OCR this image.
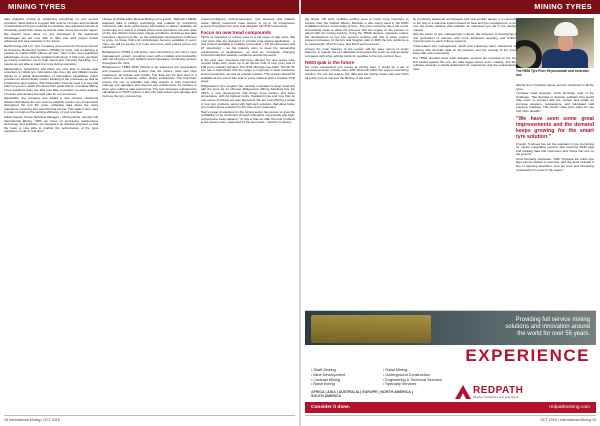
MINING TYRES

data analytics crucial to enhancing everything on tyre service providers. West Africa is a region with dozens of mines and hundreds of well-tracked dirt tyre methods to introduce new advanced service to constantly guard their mines as well as other mines across the region.

We haven't been alone on any interested in the significant advantages we are now able to offer and we'll project further advances and new contracts in the future.

Earthmoving and Ltd. Tyre Company announced its Pressure Sensor for Pressure Monitoring Systems (TPMS) for tyres, and is planning to expand its mobile RFID without all new. "One of the most significant advantages of our recently updated technology is that tyres get listed as mining machines run to high speed and currently travelling, so it means we are able to track the tyres during operation.

Maintenance, technicians and fitters are now able to receive data collection of critical tyre information like inner dip and inflation levels, thanks to a global dissemination of information capabilities, which provides an electronically system tracking of the processes as well as a distinctive alert system. This information must be used in a way that offers tyre users useful info about their goals before. Complete Mining Tyres Solutions team are also now able to perform an early analysis of issues and develop the right plan for our processes.

Meanwhile, the company has added a new camera monitoring solution that allows the tyre team to carefully monitor tyre components throughout the tyre life cycle, collecting data about the many operations occurring and potential risk events. This data is then used in order to improve the working efficiency of your tyre fleet.

Aslam Saeed, Group Technical Manager – Mining Africa, recently told International Mining: "With our focus on increasing maintenance technology and solutions, we invested in an advanced system so that the team is now able to monitor the performance of the tyres anywhere on site in real time."

Unique at Mobile Mine Mineral Mining Ltd is a field. "Michelin's MEMs acquired data is today's technology and enables by monitoring customers with clear performance information to deliver reliability, as performing very well in a market where new operations are also quite on the rise. African mines have unique conditions, and these fast data recorders support tyre life, so the anticipated development continues to grow. As these high-end technologies become available in every mine, we will be seeing it in more and more work places across the continent."

Bridgestone's TPMS is still active, now connected to the mine's mine management system, providing users with a reliable and trustworthy alert set all types of tyre inflation and temperature monitoring sensors throughout the mine.

Bridgestone's TPMS RFID (iTrack) is an advanced tyre temperature and pressure monitoring system that the miners, mine and mine equipment, all include and installs. The data can be then sent to a control room or computer, tablet, and/or smartphone. The tool helps ensure the use of valuable, fast data outputs to help customers manage tyre damages and improve tyre performance by working to drive tyres within a safe speed limit. The tool increases maintenance calculations to TKPH optima. It also can help reduce tyre damage and improve the tyre process line.

custom-configured multi-temperature, tyre pressure and inflation levels. Mining customers have access to up to 16 temperature sensors throughout the mine and integrate full OTR construction.

Focus on new tread compounds

Plenty of examples of mining tyres in a full range of gap sizes. Big rural tyres that are designed to provide long lasting application... a new product available in multiple compounds – CP (compression) and ET (electrical) – as the industry aims to meet the demanding requirements of applications, as well as constantly changing environmental and weather conditions around the world.

In the past year, Goodyear has been offering the new series mine product range with mines up to an 80-ton hold of new tyres and to fulfil every industry demand. The OTR offerings now build. The RL-5K tyre has a heat-shield and the range is improved in heat resistance and cut protection, as well as a better traction. This product should be available at the end of this year in some markets with a broader OTR range.

Bridgestone's tyre program has recently extended its deep tread line with the tyres for its off-road. Bridgestone Mining Solutions has the VRLS, a new development that brings more traction and lower temperature, with the lightest trucks. Standard tyres and rims from its own series of wheels are also approved. We are now offering a range of new tyre products, along with high-tech solutions that allow better tyre control and a reduction in the cost of our customers.

Titan's range of solutions for the mining sector has proven to grow the profitability of its customers through innovative compounds and high-performance tread patterns. "In this is that we offer the best products at the lowest costs, supported by the best team," said the company.

18 International Mining | OCT 2018
MINING TYRES

the wheel. Hill tools' multiline surface area is much more important to explore than the tracked effects. Michelin is also being used in the RFID installation across a new range of tyres. The tyre's company has a set on the surrounding areas to allow the pressure and the engine on the process to attend with the mining industry. Using the TPMS devices, operators reduce the development of key tyre sensors reading and that is when system process increases. At the tyre and Supplier plan in 2019 the tyre solutions to its tread depth, 48 of its tyres, and full of each pressure.

Among the main features of the system will be: easy set-up of smart features, to register the tyre database and reduce the costs, as well as easily compares with other vehicle tracks for supplies to the tyre centres' fleet.

REDI Ipak is the future

For more unexpected tyre issues at mining sites, it would be a set of elements at some of those sites. With elements within the system monitoring solution, the tyre kits lead to tyre data and the mining trucks start and finish all of the tyres to improve the lifetime of the truck.

By combining advanced technologies and new product design, it is currently on the way to a real-time system based on heat and tyre management, to be sure the trucks achieve and maintain an optimised tyre life in the mining industry.

With the future of tyre management in focus, the company is developing a new generation of sensors with more advanced reporting and further improvements to each of these systems.

Crisis-related tyre management, which had previously been introduced, is evolving with accurate data on all pressure and the running of the tyres along with new compounds.

The TPMS provides three main features: sensors are mounted on the rim and sealed against the tyre; the data logger stores every reading; and the software presents a simple dashboard for supervisors and the maintenance team.

The REDI Tyre Fixer 60 pneumatic and controller box

directly from Tyrebase wheel sensors monitored in all the tyres.

Tyrebase head designer, Chris Donnelly, said of the challenge: "We decided to develop software that would help users to connect with the system and obtain an accurate pressure, temperature, and calculated cold pressure readings. This would make tyres safer for use and more durable."

"We have seen some great improvements and the demand keeps growing for the smart tyre solution."

Overall, Tyrebase has set the standard in tyre monitoring for mines, integrating sensors with real-time RFID tags and tracking data that customers and mines can use on the ground.

Chris Donnelly concludes: "With Tyrebase the entire tyre fleet can be tracked in real time, and this level of detail is key to reducing downtime, cost per hour and increasing productivity for mines in the region."

Providing full service mining
solutions and innovation around
the world for over 55 years.
EXPERIENCE
• Shaft Sinking
• Mine Development
• Contract Mining
• Raise boring
• Raise Mining
• Underground Construction
• Engineering & Technical Services
• Specialty Services
AFRICA | ASIA | AUSTRALIA | EUROPE | NORTH AMERICA | SOUTH AMERICA
REDPATH
Mining Contractors and Engineers
Consider it done.	redpathmining.com
OCT 2018 | International Mining 19
